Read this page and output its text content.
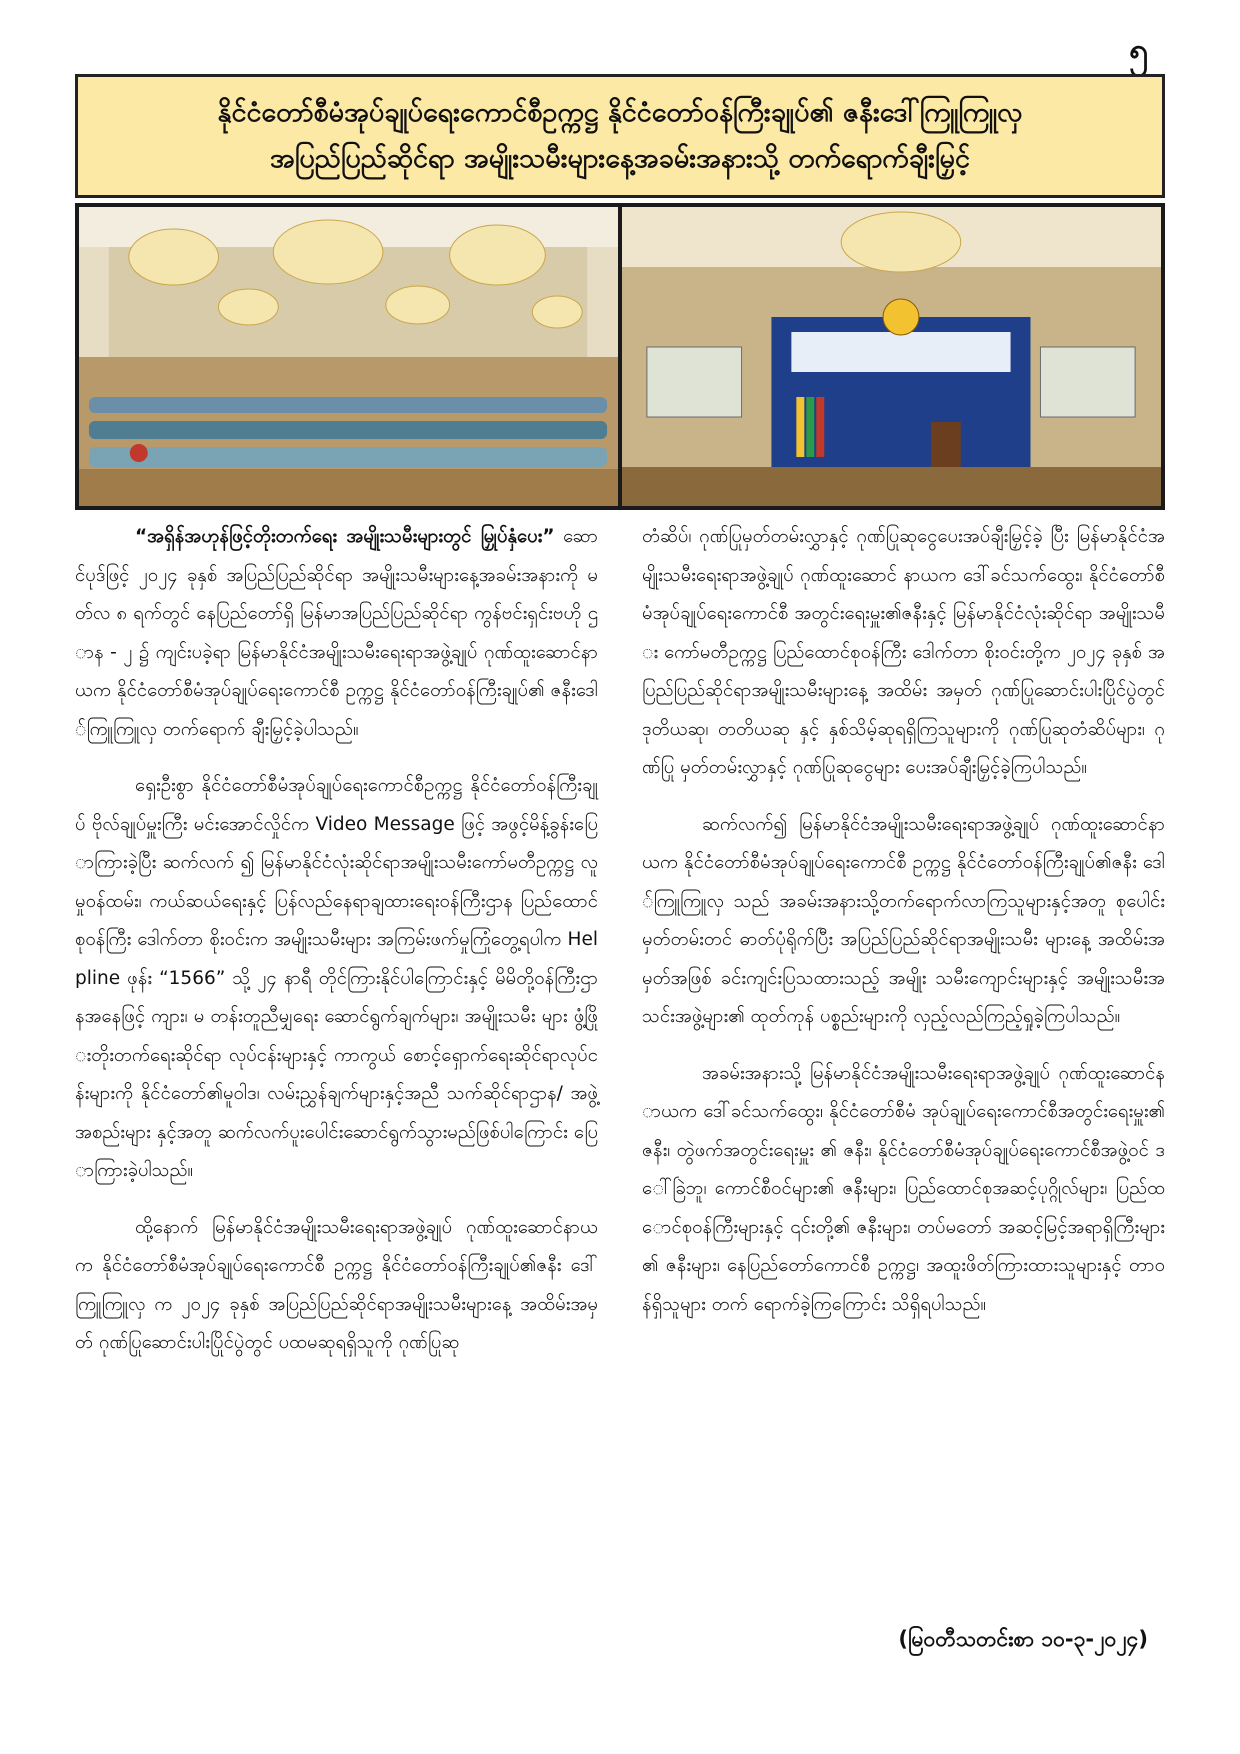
၅
နိုင်ငံတော်စီမံအုပ်ချုပ်ရေးကောင်စီဥက္ကဋ္ဌ နိုင်ငံတော်ဝန်ကြီးချုပ်၏ ဇနီးဒေါ်ကြူကြူလှ
အပြည်ပြည်ဆိုင်ရာ အမျိုးသမီးများနေ့အခမ်းအနားသို့ တက်ရောက်ချီးမြှင့်

“အရှိန်အဟုန်ဖြင့်တိုးတက်ရေး အမျိုးသမီးများတွင် မြှုပ်နှံပေး” ဆောင်ပုဒ်ဖြင့် ၂၀၂၄ ခုနှစ် အပြည်ပြည်ဆိုင်ရာ အမျိုးသမီးများနေ့အခမ်းအနားကို မတ်လ ၈ ရက်တွင် နေပြည်တော်ရှိ မြန်မာအပြည်ပြည်ဆိုင်ရာ ကွန်ဗင်းရှင်းဗဟို ဌာန - ၂ ၌ ကျင်းပခဲ့ရာ မြန်မာနိုင်ငံအမျိုးသမီးရေးရာအဖွဲ့ချုပ် ဂုဏ်ထူးဆောင်နာယက နိုင်ငံတော်စီမံအုပ်ချုပ်ရေးကောင်စီ ဥက္ကဋ္ဌ နိုင်ငံတော်ဝန်ကြီးချုပ်၏ ဇနီးဒေါ်ကြူကြူလှ တက်ရောက် ချီးမြှင့်ခဲ့ပါသည်။

ရှေးဦးစွာ နိုင်ငံတော်စီမံအုပ်ချုပ်ရေးကောင်စီဥက္ကဋ္ဌ နိုင်ငံတော်ဝန်ကြီးချုပ် ဗိုလ်ချုပ်မှူးကြီး မင်းအောင်လှိုင်က Video Message ဖြင့် အဖွင့်မိန့်ခွန်းပြောကြားခဲ့ပြီး ဆက်လက် ၍ မြန်မာနိုင်ငံလုံးဆိုင်ရာအမျိုးသမီးကော်မတီဥက္ကဋ္ဌ လူမှုဝန်ထမ်း၊ ကယ်ဆယ်ရေးနှင့် ပြန်လည်နေရာချထားရေးဝန်ကြီးဌာန ပြည်ထောင်စုဝန်ကြီး ဒေါက်တာ စိုးဝင်းက အမျိုးသမီးများ အကြမ်းဖက်မှုကြုံတွေ့ရပါက Helpline ဖုန်း “1566” သို့ ၂၄ နာရီ တိုင်ကြားနိုင်ပါကြောင်းနှင့် မိမိတို့ဝန်ကြီးဌာနအနေဖြင့် ကျား၊ မ တန်းတူညီမျှရေး ဆောင်ရွက်ချက်များ၊ အမျိုးသမီး များ ဖွံ့ဖြိုးတိုးတက်ရေးဆိုင်ရာ လုပ်ငန်းများနှင့် ကာကွယ် စောင့်ရှောက်ရေးဆိုင်ရာလုပ်ငန်းများကို နိုင်ငံတော်၏မူဝါဒ၊ လမ်းညွှန်ချက်များနှင့်အညီ သက်ဆိုင်ရာဌာန/ အဖွဲ့အစည်းများ နှင့်အတူ ဆက်လက်ပူးပေါင်းဆောင်ရွက်သွားမည်ဖြစ်ပါကြောင်း ပြောကြားခဲ့ပါသည်။

ထို့နောက် မြန်မာနိုင်ငံအမျိုးသမီးရေးရာအဖွဲ့ချုပ် ဂုဏ်ထူးဆောင်နာယက နိုင်ငံတော်စီမံအုပ်ချုပ်ရေးကောင်စီ ဥက္ကဋ္ဌ နိုင်ငံတော်ဝန်ကြီးချုပ်၏ဇနီး ဒေါ်ကြူကြူလှ က ၂၀၂၄ ခုနှစ် အပြည်ပြည်ဆိုင်ရာအမျိုးသမီးများနေ့ အထိမ်းအမှတ် ဂုဏ်ပြုဆောင်းပါးပြိုင်ပွဲတွင် ပထမဆုရရှိသူကို ဂုဏ်ပြုဆု

တံဆိပ်၊ ဂုဏ်ပြုမှတ်တမ်းလွှာနှင့် ဂုဏ်ပြုဆုငွေပေးအပ်ချီးမြှင့်ခဲ့ ပြီး မြန်မာနိုင်ငံအမျိုးသမီးရေးရာအဖွဲ့ချုပ် ဂုဏ်ထူးဆောင် နာယက ဒေါ်ခင်သက်ထွေး၊ နိုင်ငံတော်စီမံအုပ်ချုပ်ရေးကောင်စီ အတွင်းရေးမှူး၏ဇနီးနှင့် မြန်မာနိုင်ငံလုံးဆိုင်ရာ အမျိုးသမီး ကော်မတီဥက္ကဋ္ဌ ပြည်ထောင်စုဝန်ကြီး ဒေါက်တာ စိုးဝင်းတို့က ၂၀၂၄ ခုနှစ် အပြည်ပြည်ဆိုင်ရာအမျိုးသမီးများနေ့ အထိမ်း အမှတ် ဂုဏ်ပြုဆောင်းပါးပြိုင်ပွဲတွင် ဒုတိယဆု၊ တတိယဆု နှင့် နှစ်သိမ့်ဆုရရှိကြသူများကို ဂုဏ်ပြုဆုတံဆိပ်များ၊ ဂုဏ်ပြု မှတ်တမ်းလွှာနှင့် ဂုဏ်ပြုဆုငွေများ ပေးအပ်ချီးမြှင့်ခဲ့ကြပါသည်။

ဆက်လက်၍ မြန်မာနိုင်ငံအမျိုးသမီးရေးရာအဖွဲ့ချုပ် ဂုဏ်ထူးဆောင်နာယက နိုင်ငံတော်စီမံအုပ်ချုပ်ရေးကောင်စီ ဥက္ကဋ္ဌ နိုင်ငံတော်ဝန်ကြီးချုပ်၏ဇနီး ဒေါ်ကြူကြူလှ သည် အခမ်းအနားသို့တက်ရောက်လာကြသူများနှင့်အတူ စုပေါင်း မှတ်တမ်းတင် ဓာတ်ပုံရိုက်ပြီး အပြည်ပြည်ဆိုင်ရာအမျိုးသမီး များနေ့ အထိမ်းအမှတ်အဖြစ် ခင်းကျင်းပြသထားသည့် အမျိုး သမီးကျောင်းများနှင့် အမျိုးသမီးအသင်းအဖွဲ့များ၏ ထုတ်ကုန် ပစ္စည်းများကို လှည့်လည်ကြည့်ရှုခဲ့ကြပါသည်။

အခမ်းအနားသို့ မြန်မာနိုင်ငံအမျိုးသမီးရေးရာအဖွဲ့ချုပ် ဂုဏ်ထူးဆောင်နာယက ဒေါ်ခင်သက်ထွေး၊ နိုင်ငံတော်စီမံ အုပ်ချုပ်ရေးကောင်စီအတွင်းရေးမှူး၏ဇနီး၊ တွဲဖက်အတွင်းရေးမှူး ၏ ဇနီး၊ နိုင်ငံတော်စီမံအုပ်ချုပ်ရေးကောင်စီအဖွဲ့ဝင် ဒေါ်ခြဲဘူ၊ ကောင်စီဝင်များ၏ ဇနီးများ၊ ပြည်ထောင်စုအဆင့်ပုဂ္ဂိုလ်များ၊ ပြည်ထောင်စုဝန်ကြီးများနှင့် ၎င်းတို့၏ ဇနီးများ၊ တပ်မတော် အဆင့်မြင့်အရာရှိကြီးများ၏ ဇနီးများ၊ နေပြည်တော်ကောင်စီ ဥက္ကဋ္ဌ၊ အထူးဖိတ်ကြားထားသူများနှင့် တာဝန်ရှိသူများ တက် ရောက်ခဲ့ကြကြောင်း သိရှိရပါသည်။

(မြဝတီသတင်းစာ ၁၀-၃-၂၀၂၄)
